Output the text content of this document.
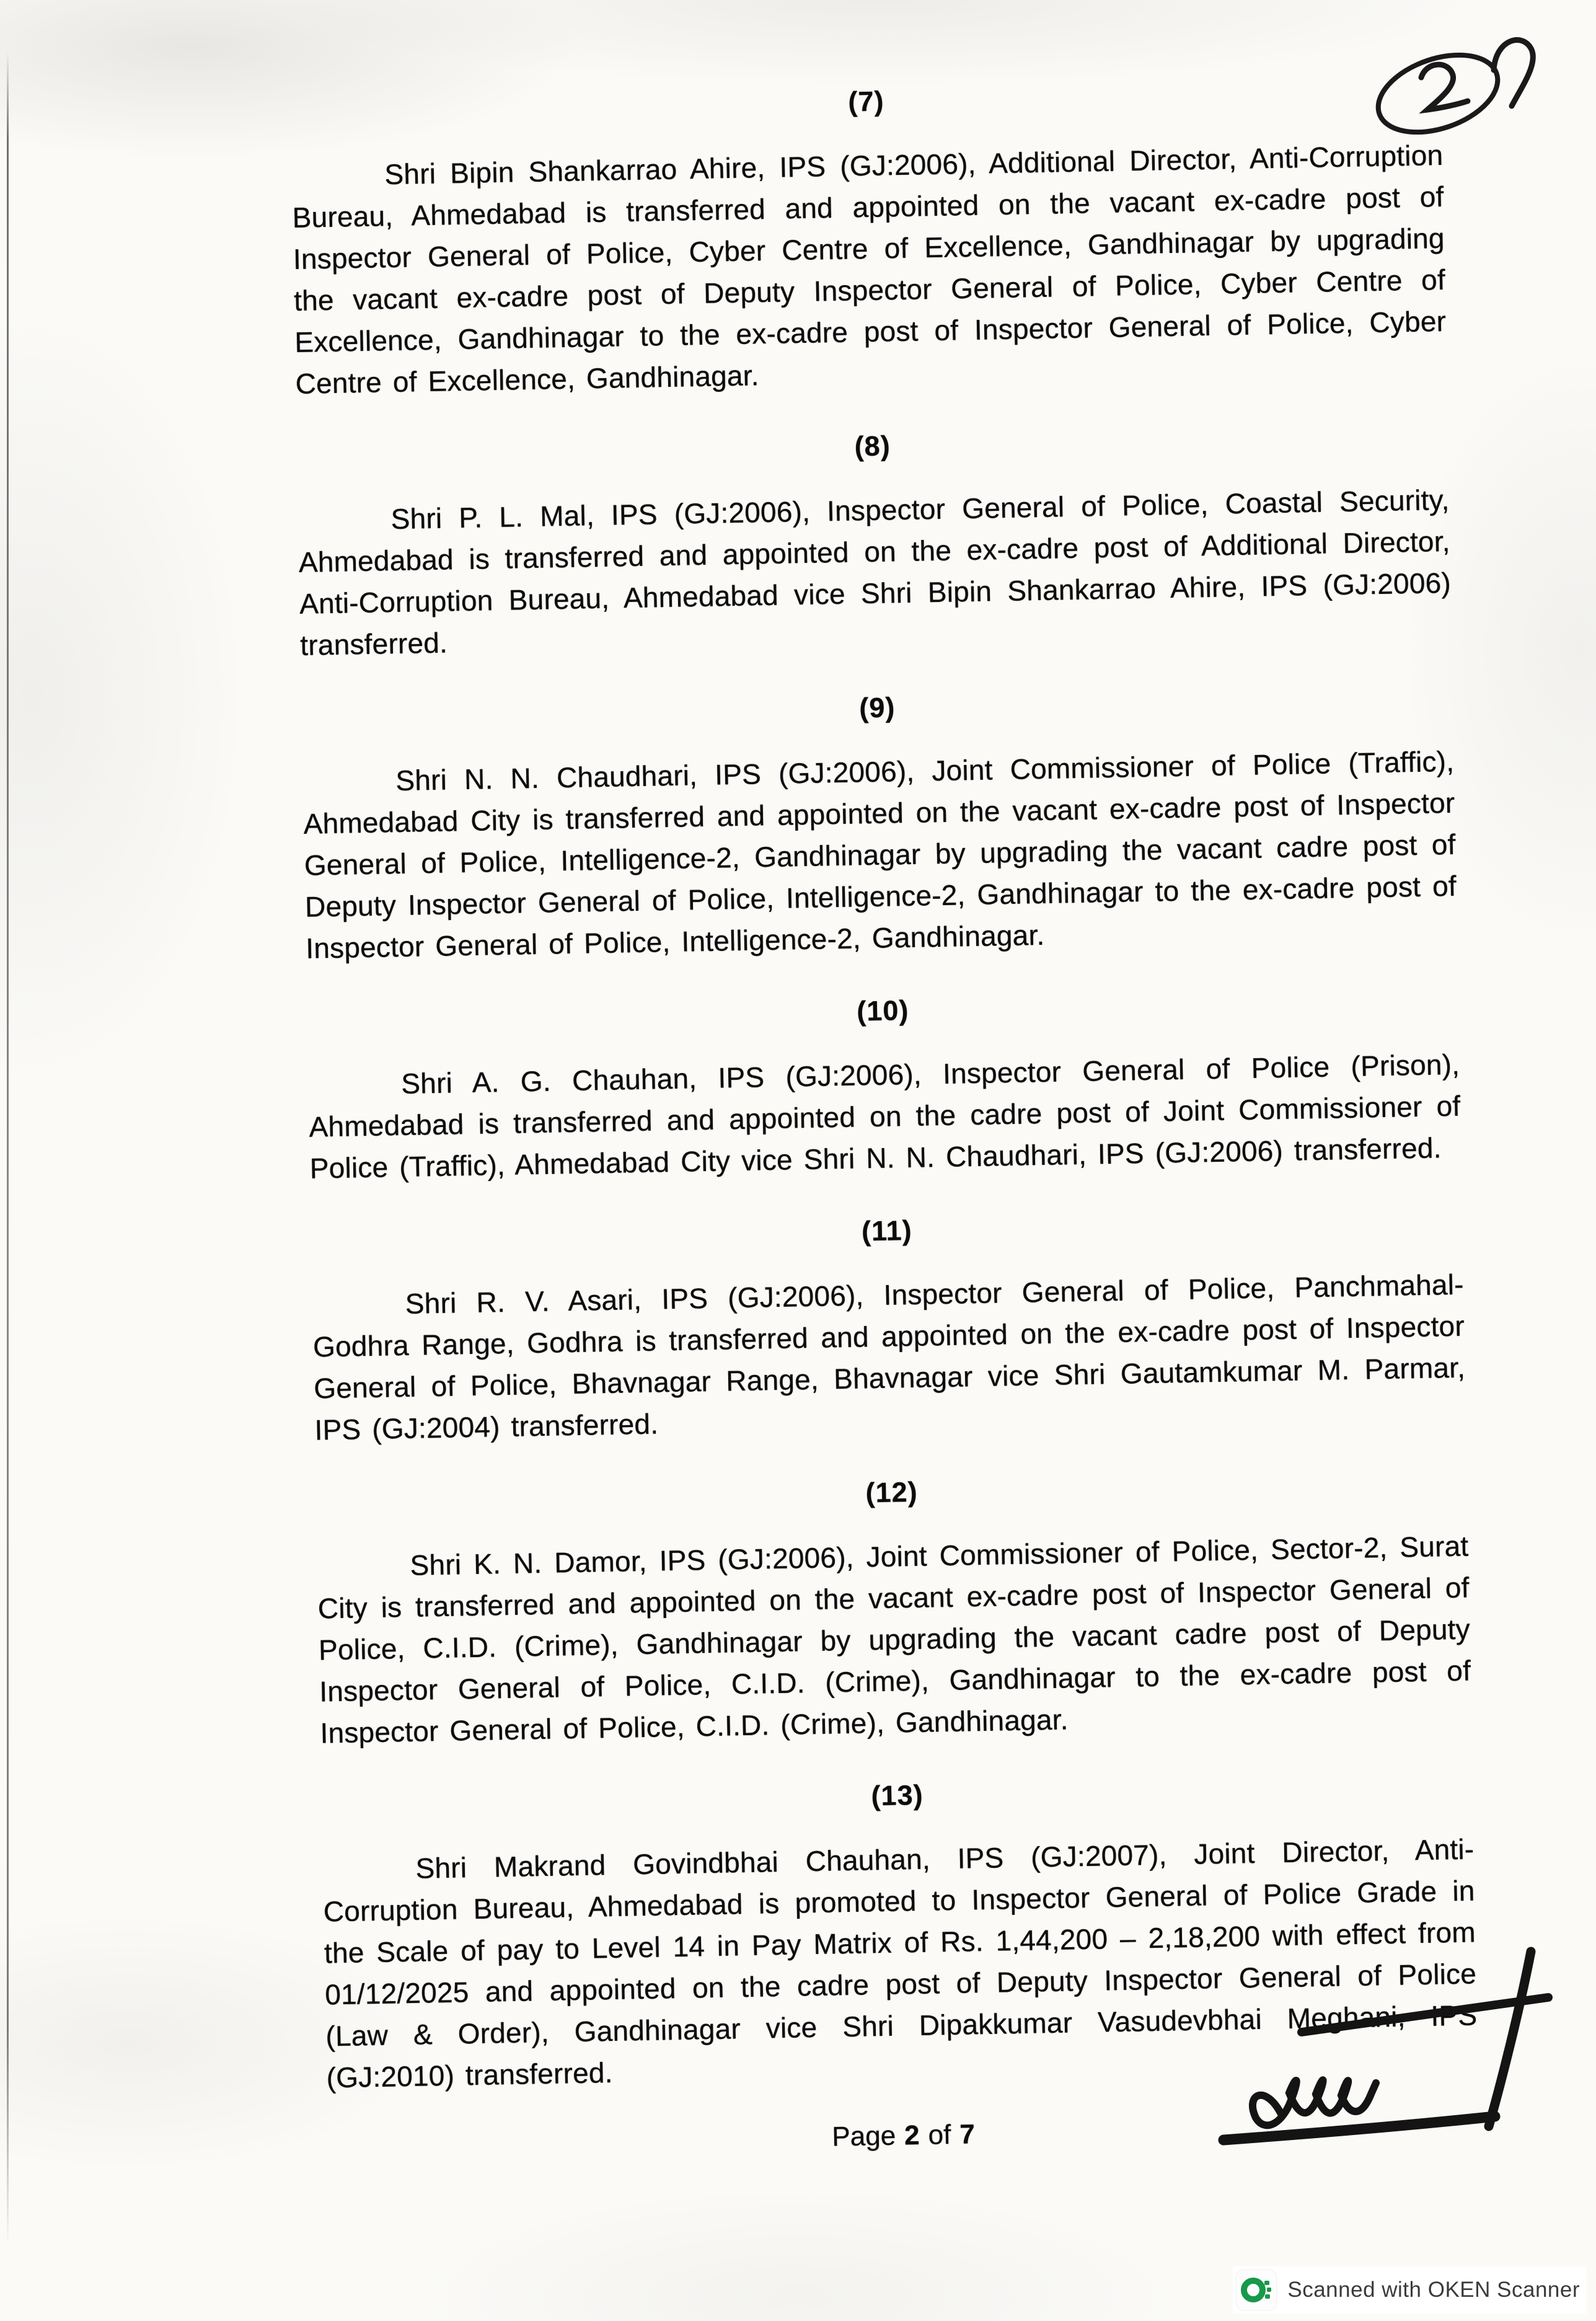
(7)

Shri Bipin Shankarrao Ahire, IPS (GJ:2006), Additional Director, Anti-Corruption Bureau, Ahmedabad is transferred and appointed on the vacant ex-cadre post of Inspector General of Police, Cyber Centre of Excellence, Gandhinagar by upgrading the vacant ex-cadre post of Deputy Inspector General of Police, Cyber Centre of Excellence, Gandhinagar to the ex-cadre post of Inspector General of Police, Cyber Centre of Excellence, Gandhinagar.

(8)

Shri P. L. Mal, IPS (GJ:2006), Inspector General of Police, Coastal Security, Ahmedabad is transferred and appointed on the ex-cadre post of Additional Director, Anti-Corruption Bureau, Ahmedabad vice Shri Bipin Shankarrao Ahire, IPS (GJ:2006) transferred.

(9)

Shri N. N. Chaudhari, IPS (GJ:2006), Joint Commissioner of Police (Traffic), Ahmedabad City is transferred and appointed on the vacant ex-cadre post of Inspector General of Police, Intelligence-2, Gandhinagar by upgrading the vacant cadre post of Deputy Inspector General of Police, Intelligence-2, Gandhinagar to the ex-cadre post of Inspector General of Police, Intelligence-2, Gandhinagar.

(10)

Shri A. G. Chauhan, IPS (GJ:2006), Inspector General of Police (Prison), Ahmedabad is transferred and appointed on the cadre post of Joint Commissioner of Police (Traffic), Ahmedabad City vice Shri N. N. Chaudhari, IPS (GJ:2006) transferred.

(11)

Shri R. V. Asari, IPS (GJ:2006), Inspector General of Police, Panchmahal-Godhra Range, Godhra is transferred and appointed on the ex-cadre post of Inspector General of Police, Bhavnagar Range, Bhavnagar vice Shri Gautamkumar M. Parmar, IPS (GJ:2004) transferred.

(12)

Shri K. N. Damor, IPS (GJ:2006), Joint Commissioner of Police, Sector-2, Surat City is transferred and appointed on the vacant ex-cadre post of Inspector General of Police, C.I.D. (Crime), Gandhinagar by upgrading the vacant cadre post of Deputy Inspector General of Police, C.I.D. (Crime), Gandhinagar to the ex-cadre post of Inspector General of Police, C.I.D. (Crime), Gandhinagar.

(13)

Shri Makrand Govindbhai Chauhan, IPS (GJ:2007), Joint Director, Anti-Corruption Bureau, Ahmedabad is promoted to Inspector General of Police Grade in the Scale of pay to Level 14 in Pay Matrix of Rs. 1,44,200 – 2,18,200 with effect from 01/12/2025 and appointed on the cadre post of Deputy Inspector General of Police (Law & Order), Gandhinagar vice Shri Dipakkumar Vasudevbhai Meghani, IPS (GJ:2010) transferred.

Page 2 of 7
Scanned with OKEN Scanner
